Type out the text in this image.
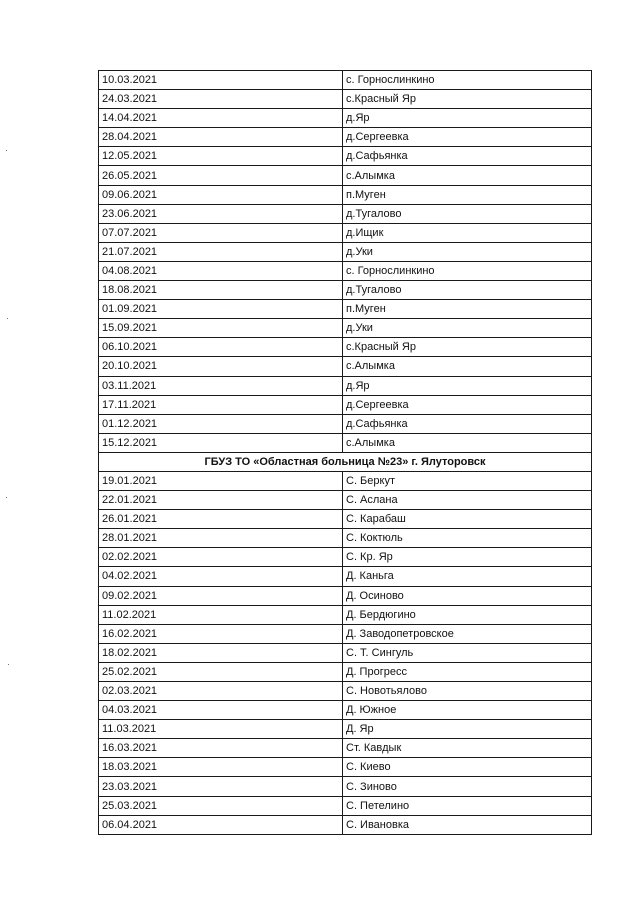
10.03.2021	с. Горнослинкино
24.03.2021	с.Красный Яр
14.04.2021	д.Яр
28.04.2021	д.Сергеевка
12.05.2021	д.Сафьянка
26.05.2021	с.Алымка
09.06.2021	п.Муген
23.06.2021	д.Тугалово
07.07.2021	д.Ищик
21.07.2021	д.Уки
04.08.2021	с. Горнослинкино
18.08.2021	д.Тугалово
01.09.2021	п.Муген
15.09.2021	д.Уки
06.10.2021	с.Красный Яр
20.10.2021	с.Алымка
03.11.2021	д.Яр
17.11.2021	д.Сергеевка
01.12.2021	д.Сафьянка
15.12.2021	с.Алымка
ГБУЗ ТО «Областная больница №23» г. Ялуторовск	
19.01.2021	С. Беркут
22.01.2021	С. Аслана
26.01.2021	С. Карабаш
28.01.2021	С. Коктюль
02.02.2021	С. Кр. Яр
04.02.2021	Д. Каньга
09.02.2021	Д. Осиново
11.02.2021	Д. Бердюгино
16.02.2021	Д. Заводопетровское
18.02.2021	С. Т. Сингуль
25.02.2021	Д. Прогресс
02.03.2021	С. Новотьялово
04.03.2021	Д. Южное
11.03.2021	Д. Яр
16.03.2021	Ст. Кавдык
18.03.2021	С. Киево
23.03.2021	С. Зиново
25.03.2021	С. Петелино
06.04.2021	С. Ивановка
